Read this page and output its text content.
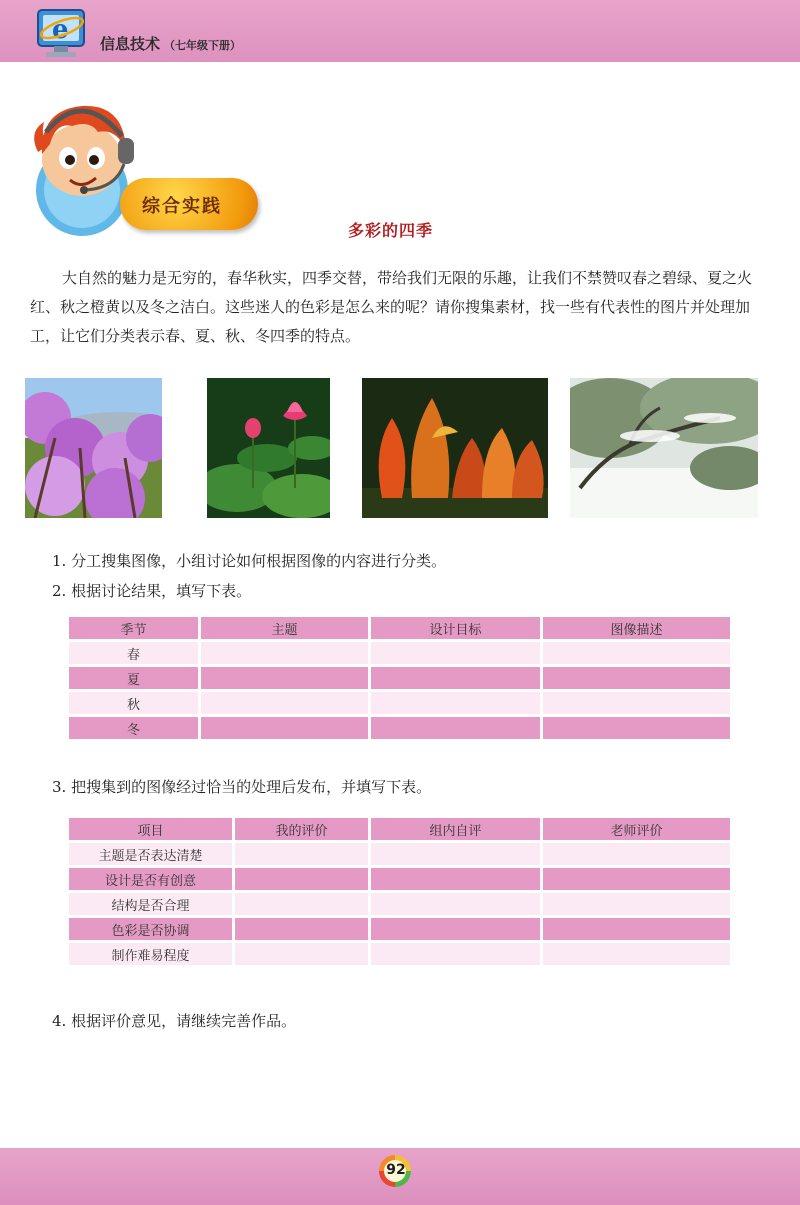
e 信息技术 （七年级下册）
综合实践
多彩的四季
大自然的魅力是无穷的，春华秋实，四季交替，带给我们无限的乐趣，让我们不禁赞叹春之碧绿、夏之火红、秋之橙黄以及冬之洁白。这些迷人的色彩是怎么来的呢？请你搜集素材，找一些有代表性的图片并处理加工，让它们分类表示春、夏、秋、冬四季的特点。
1. 分工搜集图像，小组讨论如何根据图像的内容进行分类。
2. 根据讨论结果，填写下表。
季节	主题	设计目标	图像描述
春			
夏			
秋			
冬			
3. 把搜集到的图像经过恰当的处理后发布，并填写下表。
项目	我的评价	组内自评	老师评价
主题是否表达清楚			
设计是否有创意			
结构是否合理			
色彩是否协调			
制作难易程度			
4. 根据评价意见，请继续完善作品。
92
